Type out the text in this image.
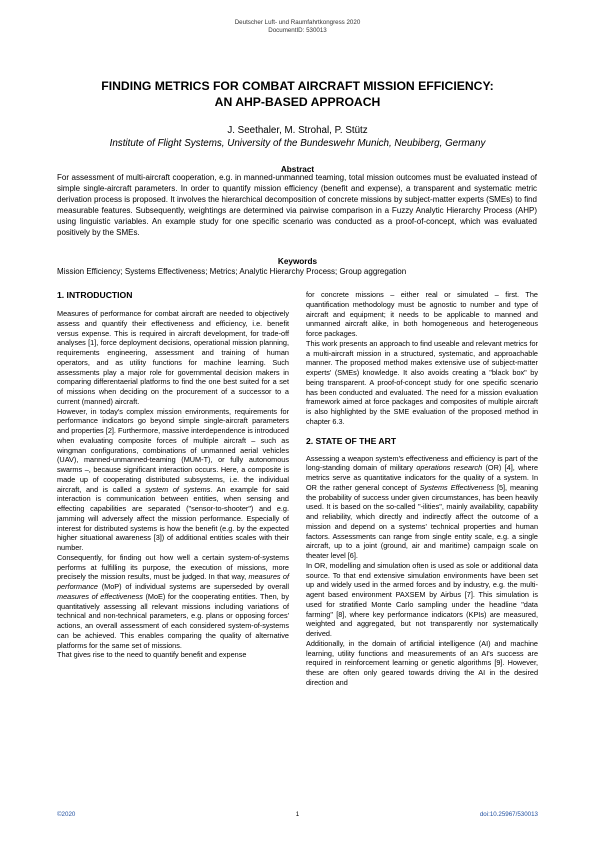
Deutscher Luft- und Raumfahrtkongress 2020
DocumentID: 530013
FINDING METRICS FOR COMBAT AIRCRAFT MISSION EFFICIENCY:
AN AHP-BASED APPROACH
J. Seethaler, M. Strohal, P. Stütz
Institute of Flight Systems, University of the Bundeswehr Munich, Neubiberg, Germany
Abstract
For assessment of multi-aircraft cooperation, e.g. in manned-unmanned teaming, total mission outcomes must be evaluated instead of simple single-aircraft parameters. In order to quantify mission efficiency (benefit and expense), a transparent and systematic metric derivation process is proposed. It involves the hierarchical decomposition of concrete missions by subject-matter experts (SMEs) to find measurable features. Subsequently, weightings are determined via pairwise comparison in a Fuzzy Analytic Hierarchy Process (AHP) using linguistic variables. An example study for one specific scenario was conducted as a proof-of-concept, which was evaluated positively by the SMEs.
Keywords
Mission Efficiency; Systems Effectiveness; Metrics; Analytic Hierarchy Process; Group aggregation

1. INTRODUCTION

Measures of performance for combat aircraft are needed to objectively assess and quantify their effectiveness and efficiency, i.e. benefit versus expense. This is required in aircraft development, for trade-off analyses [1], force deployment decisions, operational mission planning, requirements engineering, assessment and training of human operators, and as utility functions for machine learning. Such assessments play a major role for governmental decision makers in comparing differentaerial platforms to find the one best suited for a set of missions when deciding on the procurement of a successor to a current (manned) aircraft.

However, in today's complex mission environments, requirements for performance indicators go beyond simple single-aircraft parameters and properties [2]. Furthermore, massive interdependence is introduced when evaluating composite forces of multiple aircraft – such as wingman configurations, combinations of unmanned aerial vehicles (UAV), manned-unmanned-teaming (MUM-T), or fully autonomous swarms –, because significant interaction occurs. Here, a composite is made up of cooperating distributed subsystems, i.e. the individual aircraft, and is called a system of systems. An example for said interaction is communication between entities, when sensing and effecting capabilities are separated ("sensor-to-shooter") and e.g. jamming will adversely affect the mission performance. Especially of interest for distributed systems is how the benefit (e.g. by the expected higher situational awareness [3]) of additional entities scales with their number.

Consequently, for finding out how well a certain system-of-systems performs at fulfilling its purpose, the execution of missions, more precisely the mission results, must be judged. In that way, measures of performance (MoP) of individual systems are superseded by overall measures of effectiveness (MoE) for the cooperating entities. Then, by quantitatively assessing all relevant missions including variations of technical and non-technical parameters, e.g. plans or opposing forces' actions, an overall assessment of each considered system-of-systems can be achieved. This enables comparing the quality of alternative platforms for the same set of missions.

That gives rise to the need to quantify benefit and expense

for concrete missions – either real or simulated – first. The quantification methodology must be agnostic to number and type of aircraft and equipment; it needs to be applicable to manned and unmanned aircraft alike, in both homogeneous and heterogeneous force packages.

This work presents an approach to find useable and relevant metrics for a multi-aircraft mission in a structured, systematic, and approachable manner. The proposed method makes extensive use of subject-matter experts' (SMEs) knowledge. It also avoids creating a "black box" by being transparent. A proof-of-concept study for one specific scenario has been conducted and evaluated. The need for a mission evaluation framework aimed at force packages and composites of multiple aircraft is also highlighted by the SME evaluation of the proposed method in chapter 6.3.

2. STATE OF THE ART

Assessing a weapon system's effectiveness and efficiency is part of the long-standing domain of military operations research (OR) [4], where metrics serve as quantitative indicators for the quality of a system. In OR the rather general concept of Systems Effectiveness [5], meaning the probability of success under given circumstances, has been heavily used. It is based on the so-called "-ilities", mainly availability, capability and reliability, which directly and indirectly affect the outcome of a mission and depend on a systems' technical properties and human factors. Assessments can range from single entity scale, e.g. a single aircraft, up to a joint (ground, air and maritime) campaign scale on theater level [6].

In OR, modelling and simulation often is used as sole or additional data source. To that end extensive simulation environments have been set up and widely used in the armed forces and by industry, e.g. the multi-agent based environment PAXSEM by Airbus [7]. This simulation is used for stratified Monte Carlo sampling under the headline "data farming" [8], where key performance indicators (KPIs) are measured, weighted and aggregated, but not transparently nor systematically derived.

Additionally, in the domain of artificial intelligence (AI) and machine learning, utility functions and measurements of an AI's success are required in reinforcement learning or genetic algorithms [9]. However, these are often only geared towards driving the AI in the desired direction and

©2020	1	doi:10.25967/530013
